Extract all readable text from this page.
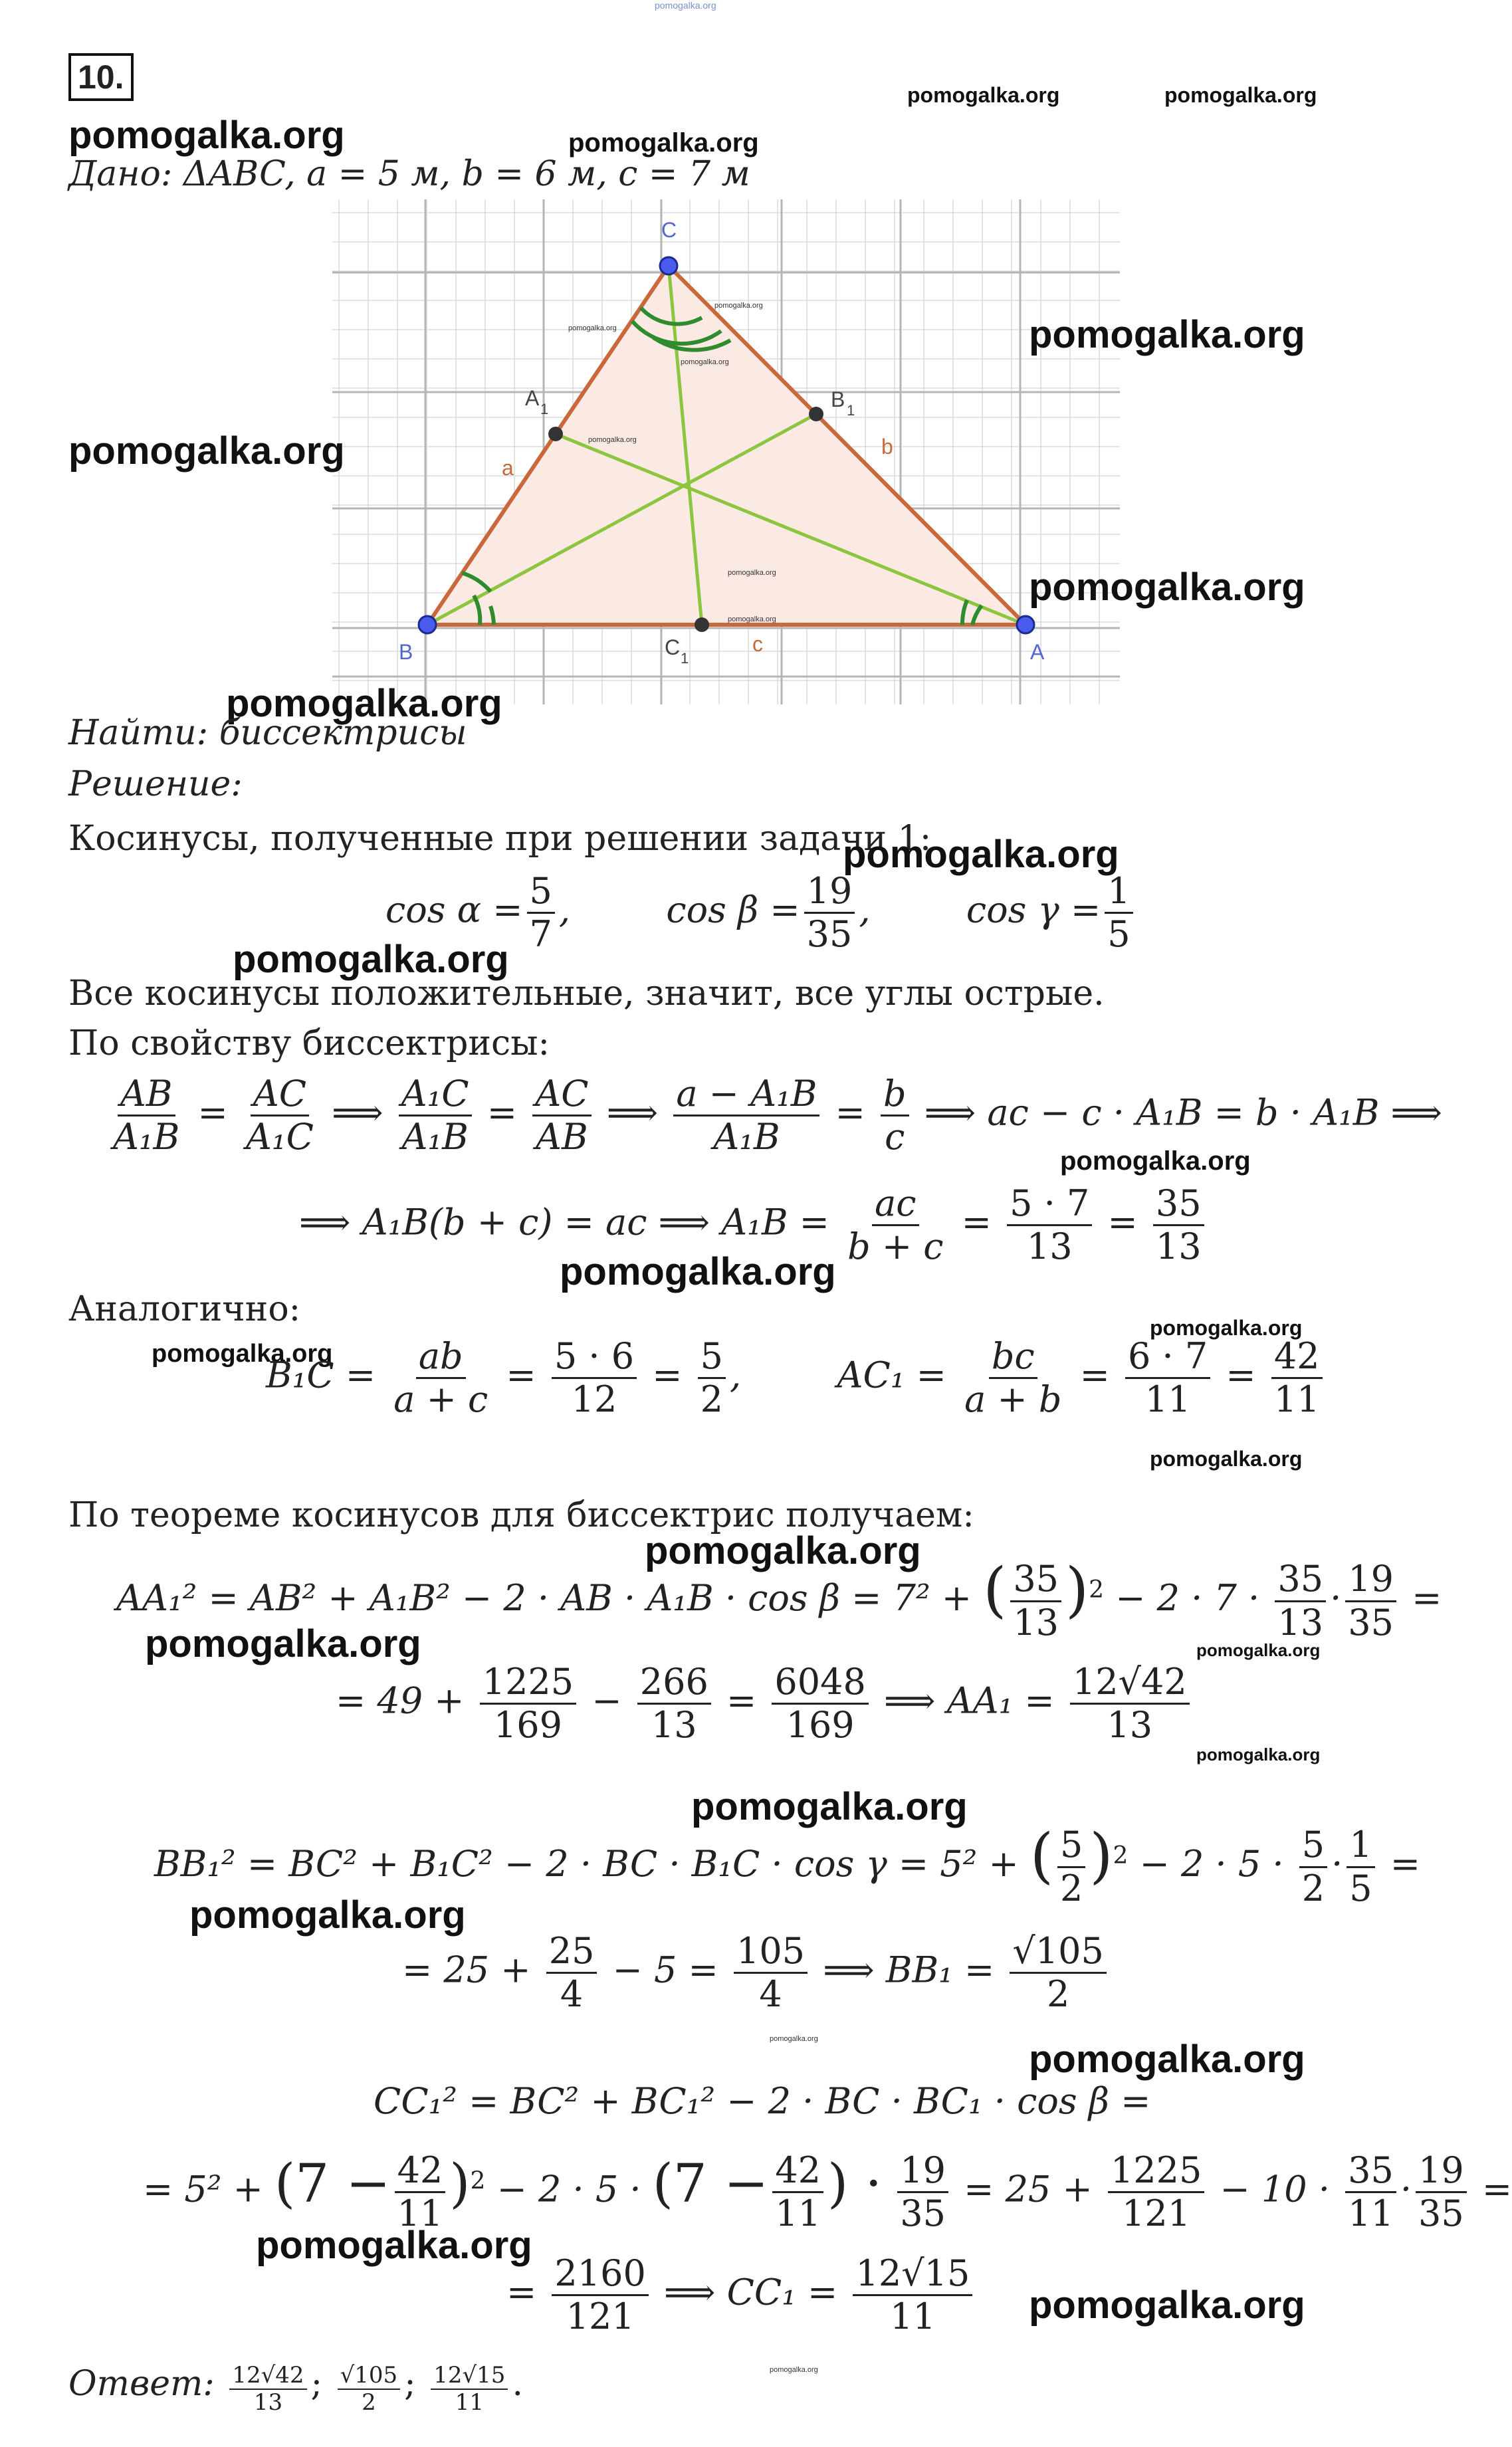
pomogalka.org
10.	pomogalka.org	pomogalka.org
pomogalka.org	pomogalka.org
Дано: ΔABC, a = 5 м, b = 6 м, c = 7 м
C
B	A
A 1	B 1
C 1
a
b
c
pomogalka.org
pomogalka.org
pomogalka.org
pomogalka.org
pomogalka.org
pomogalka.org
pomogalka.org
pomogalka.org
pomogalka.org
pomogalka.org
Найти: биссектрисы
Решение:
Косинусы, полученные при решении задачи 1:
pomogalka.org
$\cos \alpha = \frac{5}{7}$ ,	$\cos \beta = \frac{19}{35}$ ,	$\cos \gamma = \frac{1}{5}$
pomogalka.org
Все косинусы положительные, значит, все углы острые.
По свойству биссектрисы:
$\frac{AB}{\text{A₁B}} = \frac{AC}{\text{A₁C}}$ ⟹ $\frac{\text{A₁C}}{\text{A₁B}} = \frac{AC}{AB}$ ⟹ $\frac{\text{a − A₁B}}{\text{A₁B}} = \frac{b}{c}$ ⟹ ac − c · A₁B = b · A₁B ⟹
pomogalka.org
⟹ A₁B(b + c) = ac ⟹ $A_1B = \frac{ac}{b + c} = \frac{5 \cdot 7}{13} = \frac{35}{13}$
pomogalka.org
Аналогично:	pomogalka.org
pomogalka.org
$B_1C = \frac{ab}{a + c} = \frac{5 \cdot 6}{12} = \frac{5}{2}$ ,	$AC_1 = \frac{bc}{a + b} = \frac{6 \cdot 7}{11} = \frac{42}{11}$
pomogalka.org
По теореме косинусов для биссектрис получаем:
pomogalka.org
AA₁² = AB² + A₁B² − 2 · AB · A₁B · cos β = 7² + ( $\frac{35}{13} )^2 - 2 \cdot 7 \cdot \frac{35}{13} \cdot \frac{19}{35}$ =
pomogalka.org	pomogalka.org
= $49 + \frac{1225}{169} - \frac{266}{13} = \frac{6048}{169}$ ⟹ $AA_1 = \frac{12√42}{13}$
pomogalka.org
pomogalka.org
BB₁² = BC² + B₁C² − 2 · BC · B₁C · cos γ = 5² + ( $\frac{5}{2} )^2 - 2 \cdot 5 \cdot \frac{5}{2} \cdot \frac{1}{5}$ =
pomogalka.org
= $25 + \frac{25}{4} - 5 = \frac{105}{4}$ ⟹ $BB_1 = \frac{√105}{2}$
pomogalka.org	pomogalka.org
CC₁² = BC² + BC₁² − 2 · BC · BC₁ · cos β =
= $5^2 + (7 - \frac{42}{11} )^2 - 2 \cdot 5 \cdot (7 - \frac{42}{11}$ ) · $\frac{19}{35} = 25 + \frac{1225}{121} - 10 \cdot \frac{35}{11} \cdot \frac{19}{35}$ =
pomogalka.org
= $\frac{2160}{121}$ ⟹ $CC_1 = \frac{12√15}{11}$ pomogalka.org
pomogalka.org
Ответ: $\frac{12√42}{13}$ ; $\frac{√105}{2}$ ; $\frac{12√15}{11}$ .
